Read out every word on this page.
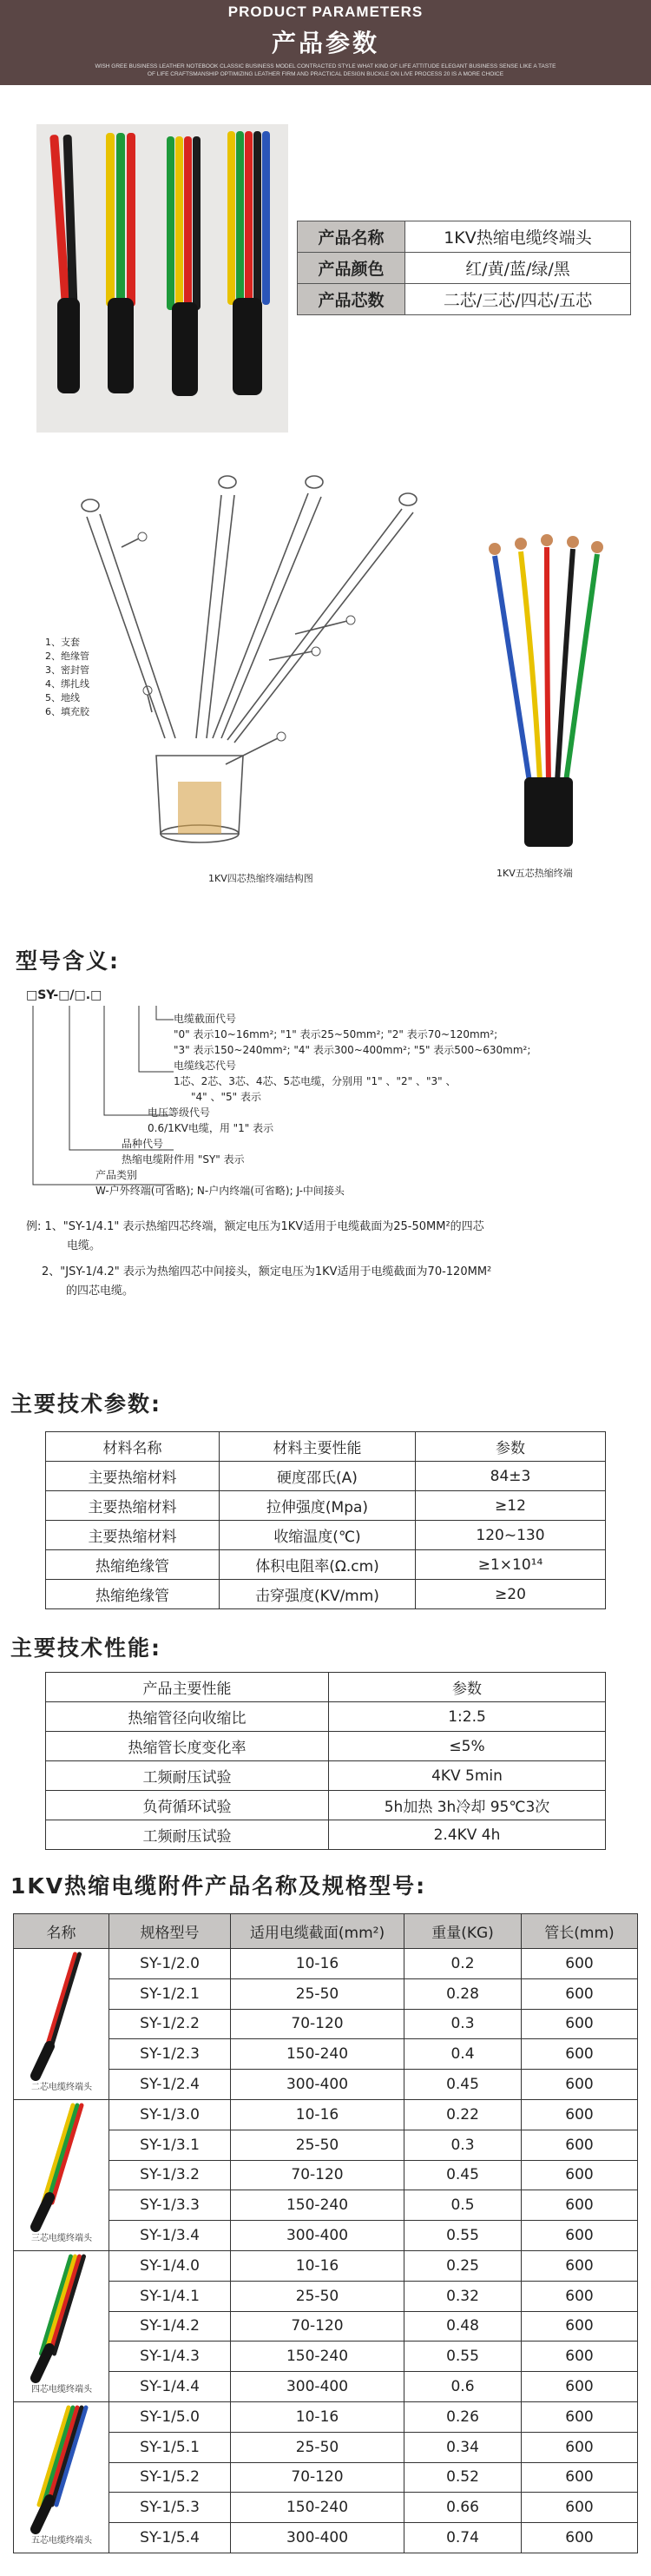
PRODUCT PARAMETERS
产品参数
WISH GREE BUSINESS LEATHER NOTEBOOK CLASSIC BUSINESS MODEL CONTRACTED STYLE WHAT KIND OF LIFE ATTITUDE ELEGANT BUSINESS SENSE LIKE A TASTE
OF LIFE CRAFTSMANSHIP OPTIMIZING LEATHER FIRM AND PRACTICAL DESIGN BUCKLE ON LIVE PROCESS 20 IS A MORE CHOICE
产品名称	1KV热缩电缆终端头
产品颜色	红/黄/蓝/绿/黑
产品芯数	二芯/三芯/四芯/五芯
1、支套
2、绝缘管
3、密封管
4、绑扎线
5、地线
6、填充胶
1KV四芯热缩终端结构图	1KV五芯热缩终端
型号含义:
□SY-□/□.□
电缆截面代号
"0" 表示10~16mm²; "1" 表示25~50mm²; "2" 表示70~120mm²;
"3" 表示150~240mm²; "4" 表示300~400mm²; "5" 表示500~630mm²;
电缆线芯代号
1芯、2芯、3芯、4芯、5芯电缆，分别用 "1" 、"2" 、"3" 、
"4" 、"5" 表示
电压等级代号
0.6/1KV电缆，用 "1" 表示
品种代号
热缩电缆附件用 "SY" 表示
产品类别
W-户外终端(可省略); N-户内终端(可省略); J-中间接头
例: 1、"SY-1/4.1" 表示热缩四芯终端，额定电压为1KV适用于电缆截面为25-50MM²的四芯
电缆。
2、"JSY-1/4.2" 表示为热缩四芯中间接头，额定电压为1KV适用于电缆截面为70-120MM²
的四芯电缆。
主要技术参数:
材料名称	材料主要性能	参数
主要热缩材料	硬度邵氏(A)	84±3
主要热缩材料	拉伸强度(Mpa)	≥12
主要热缩材料	收缩温度(℃)	120~130
热缩绝缘管	体积电阻率(Ω.cm)	≥1×10¹⁴
热缩绝缘管	击穿强度(KV/mm)	≥20
主要技术性能:
产品主要性能	参数
热缩管径向收缩比	1:2.5
热缩管长度变化率	≤5%
工频耐压试验	4KV 5min
负荷循环试验	5h加热 3h冷却 95℃3次
工频耐压试验	2.4KV 4h
1KV热缩电缆附件产品名称及规格型号:
名称	规格型号	适用电缆截面(mm²)	重量(KG)	管长(mm)

二芯电缆终端头	SY-1/2.0	10-16	0.2	600
	SY-1/2.1	25-50	0.28	600
	SY-1/2.2	70-120	0.3	600
	SY-1/2.3	150-240	0.4	600
	SY-1/2.4	300-400	0.45	600

三芯电缆终端头	SY-1/3.0	10-16	0.22	600
	SY-1/3.1	25-50	0.3	600
	SY-1/3.2	70-120	0.45	600
	SY-1/3.3	150-240	0.5	600
	SY-1/3.4	300-400	0.55	600

四芯电缆终端头	SY-1/4.0	10-16	0.25	600
	SY-1/4.1	25-50	0.32	600
	SY-1/4.2	70-120	0.48	600
	SY-1/4.3	150-240	0.55	600
	SY-1/4.4	300-400	0.6	600

五芯电缆终端头	SY-1/5.0	10-16	0.26	600
	SY-1/5.1	25-50	0.34	600
	SY-1/5.2	70-120	0.52	600
	SY-1/5.3	150-240	0.66	600
	SY-1/5.4	300-400	0.74	600
